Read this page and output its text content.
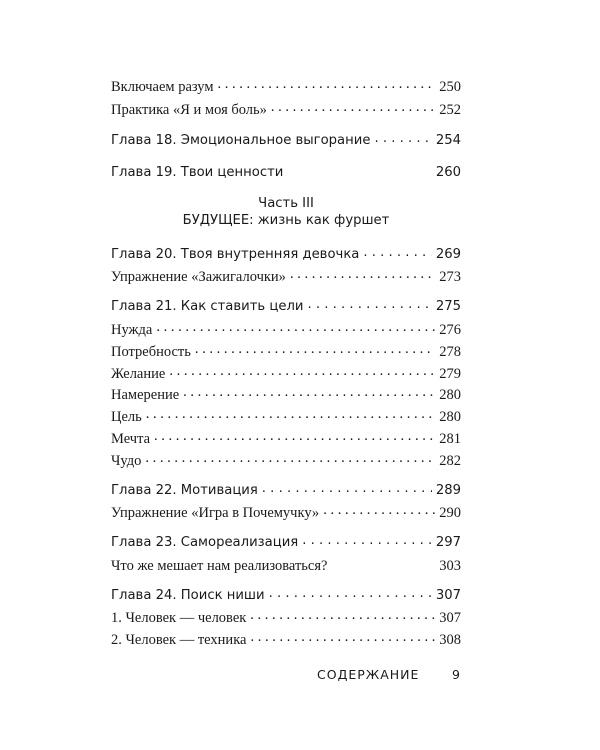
Включаем разум . . .	250
Практика «Я и моя боль» . . .	252
Глава 18. Эмоциональное выгорание . . .	254
Глава 19. Твои ценности	260
Часть III
БУДУЩЕЕ: жизнь как фуршет
Глава 20. Твоя внутренняя девочка . . .	269
Упражнение «Зажигалочки» . . .	273
Глава 21. Как ставить цели . . .	275
Нужда . . .	276
Потребность . . .	278
Желание . . .	279
Намерение . . .	280
Цель . . .	280
Мечта . . .	281
Чудо . . .	282
Глава 22. Мотивация . . .	289
Упражнение «Игра в Почемучку» . . .	290
Глава 23. Самореализация . . .	297
Что же мешает нам реализоваться?	303
Глава 24. Поиск ниши . . .	307
1. Человек — человек . . .	307
2. Человек — техника . . .	308
СОДЕРЖАНИЕ	9
